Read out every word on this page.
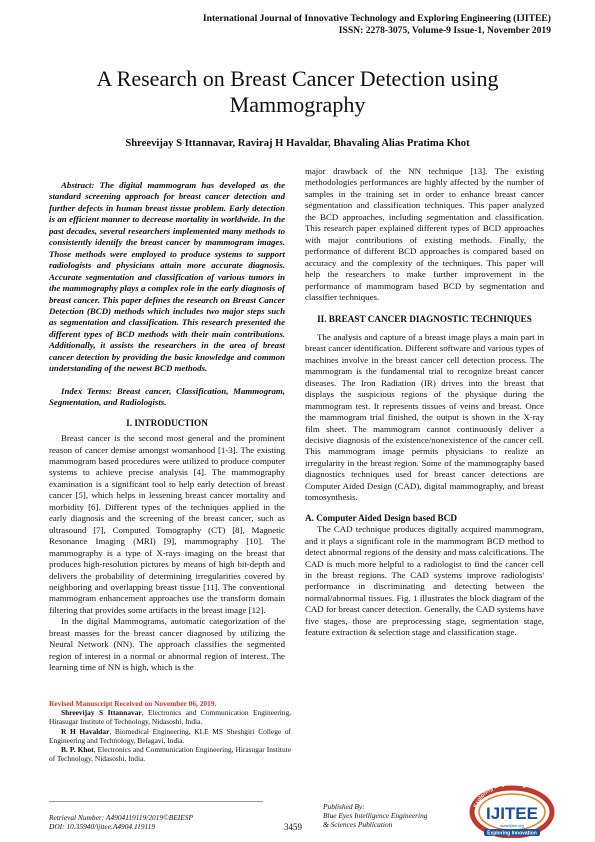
International Journal of Innovative Technology and Exploring Engineering (IJITEE)
ISSN: 2278-3075, Volume-9 Issue-1, November 2019
A Research on Breast Cancer Detection using
Mammography
Shreevijay S Ittannavar, Raviraj H Havaldar, Bhavaling Alias Pratima Khot

Abstract: The digital mammogram has developed as the standard screening approach for breast cancer detection and further defects in human breast tissue problem. Early detection is an efficient manner to decrease mortality in worldwide. In the past decades, several researchers implemented many methods to consistently identify the breast cancer by mammogram images. Those methods were employed to produce systems to support radiologists and physicians attain more accurate diagnosis. Accurate segmentation and classification of various tumors in the mammography plays a complex role in the early diagnosis of breast cancer. This paper defines the research on Breast Cancer Detection (BCD) methods which includes two major steps such as segmentation and classification. This research presented the different types of BCD methods with their main contributions. Additionally, it assists the researchers in the area of breast cancer detection by providing the basic knowledge and common understanding of the newest BCD methods.

Index Terms: Breast cancer, Classification, Mammogram, Segmentation, and Radiologists.

I. INTRODUCTION

Breast cancer is the second most general and the prominent reason of cancer demise amongst womanhood [1-3]. The existing mammogram based procedures were utilized to produce computer systems to achieve precise analysis [4]. The mammography examination is a significant tool to help early detection of breast cancer [5], which helps in lessening breast cancer mortality and morbidity [6]. Different types of the techniques applied in the early diagnosis and the screening of the breast cancer, such as ultrasound [7], Computed Tomography (CT) [8], Magnetic Resonance Imaging (MRI) [9], mammography [10]. The mammography is a type of X-rays imaging on the breast that produces high-resolution pictures by means of high bit-depth and delivers the probability of determining irregularities covered by neighboring and overlapping breast tissue [11]. The conventional mammogram enhancement approaches use the transform domain filtering that provides some artifacts in the breast image [12].

In the digital Mammograms, automatic categorization of the breast masses for the breast cancer diagnosed by utilizing the Neural Network (NN). The approach classifies the segmented region of interest in a normal or abnormal region of interest. The learning time of NN is high, which is the

Revised Manuscript Received on November 06, 2019.

Shreevijay S Ittannavar, Electronics and Communication Engineering, Hirasugar Institute of Technology, Nidasoshi, India.

R H Havaldar, Biomedical Engineering, KLE MS Sheshgiri College of Engineering and Technology, Belagavi, India.

B. P. Khot, Electronics and Communication Engineering, Hirasugar Institute of Technology, Nidasoshi, India.

major drawback of the NN technique [13]. The existing methodologies performances are highly affected by the number of samples in the training set in order to enhance breast cancer segmentation and classification techniques. This paper analyzed the BCD approaches, including segmentation and classification. This research paper explained different types of BCD approaches with major contributions of existing methods. Finally, the performance of different BCD approaches is compared based on accuracy and the complexity of the techniques. This paper will help the researchers to make further improvement in the performance of mammogram based BCD by segmentation and classifier techniques.

II. BREAST CANCER DIAGNOSTIC TECHNIQUES

The analysis and capture of a breast image plays a main part in breast cancer identification. Different software and various types of machines involve in the breast cancer cell detection process. The mammogram is the fundamental trial to recognize breast cancer diseases. The Iron Radiation (IR) drives into the breast that displays the suspicious regions of the physique during the mammogram test. It represents tissues of veins and breast. Once the mammogram trial finished, the output is shown in the X-ray film sheet. The mammogram cannot continuously deliver a decisive diagnosis of the existence/nonexistence of the cancer cell. This mammogram image permits physicians to realize an irregularity in the breast region. Some of the mammography based diagnostics techniques used for breast cancer detections are Computer Aided Design (CAD), digital mammography, and breast tomosynthesis.

A. Computer Aided Design based BCD

The CAD technique produces digitally acquired mammogram, and it plays a significant role in the mammogram BCD method to detect abnormal regions of the density and mass calcifications. The CAD is much more helpful to a radiologist to find the cancer cell in the breast regions. The CAD systems improve radiologists' performance in discriminating and detecting between the normal/abnormal tissues. Fig. 1 illustrates the block diagram of the CAD for breast cancer detection. Generally, the CAD systems have five stages, those are preprocessing stage, segmentation stage, feature extraction & selection stage and classification stage.

Retrieval Number: A4904119119/2019©BEIESP
DOI: 10.35940/ijitee.A4904.119119	3459
Published By:
Blue Eyes Intelligence Engineering
& Sciences Publication
Exploring Engineering
IJITEE
www.ijitee.org
Exploring Innovation
